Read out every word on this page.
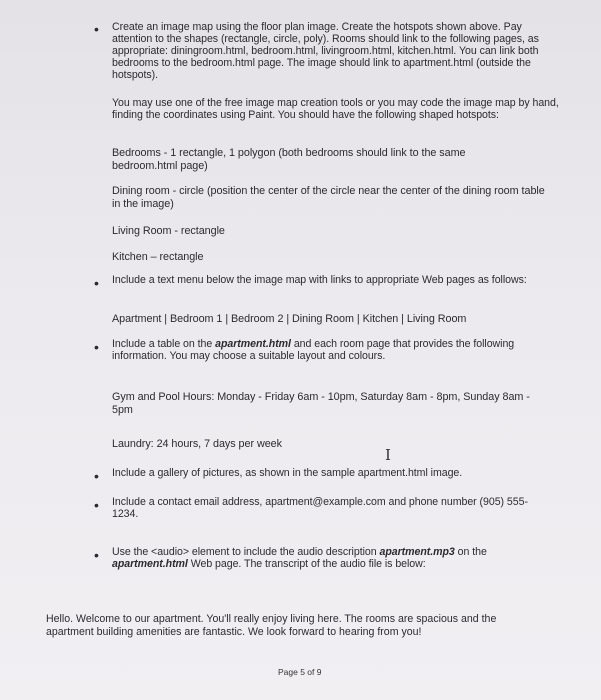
• Create an image map using the floor plan image. Create the hotspots shown above. Pay attention to the shapes (rectangle, circle, poly). Rooms should link to the following pages, as appropriate: diningroom.html, bedroom.html, livingroom.html, kitchen.html. You can link both bedrooms to the bedroom.html page. The image should link to apartment.html (outside the hotspots).
You may use one of the free image map creation tools or you may code the image map by hand, finding the coordinates using Paint. You should have the following shaped hotspots:
Bedrooms - 1 rectangle, 1 polygon (both bedrooms should link to the same bedroom.html page)
Dining room - circle (position the center of the circle near the center of the dining room table in the image)
Living Room - rectangle
Kitchen – rectangle
• Include a text menu below the image map with links to appropriate Web pages as follows:
Apartment | Bedroom 1 | Bedroom 2 | Dining Room | Kitchen | Living Room
• Include a table on the apartment.html and each room page that provides the following information. You may choose a suitable layout and colours.
Gym and Pool Hours: Monday - Friday 6am - 10pm, Saturday 8am - 8pm, Sunday 8am - 5pm
Laundry: 24 hours, 7 days per week
I
• Include a gallery of pictures, as shown in the sample apartment.html image.
• Include a contact email address, apartment@example.com and phone number (905) 555-1234.
• Use the <audio> element to include the audio description apartment.mp3 on the apartment.html Web page. The transcript of the audio file is below:
Hello. Welcome to our apartment. You'll really enjoy living here. The rooms are spacious and the apartment building amenities are fantastic. We look forward to hearing from you!
Page 5 of 9
